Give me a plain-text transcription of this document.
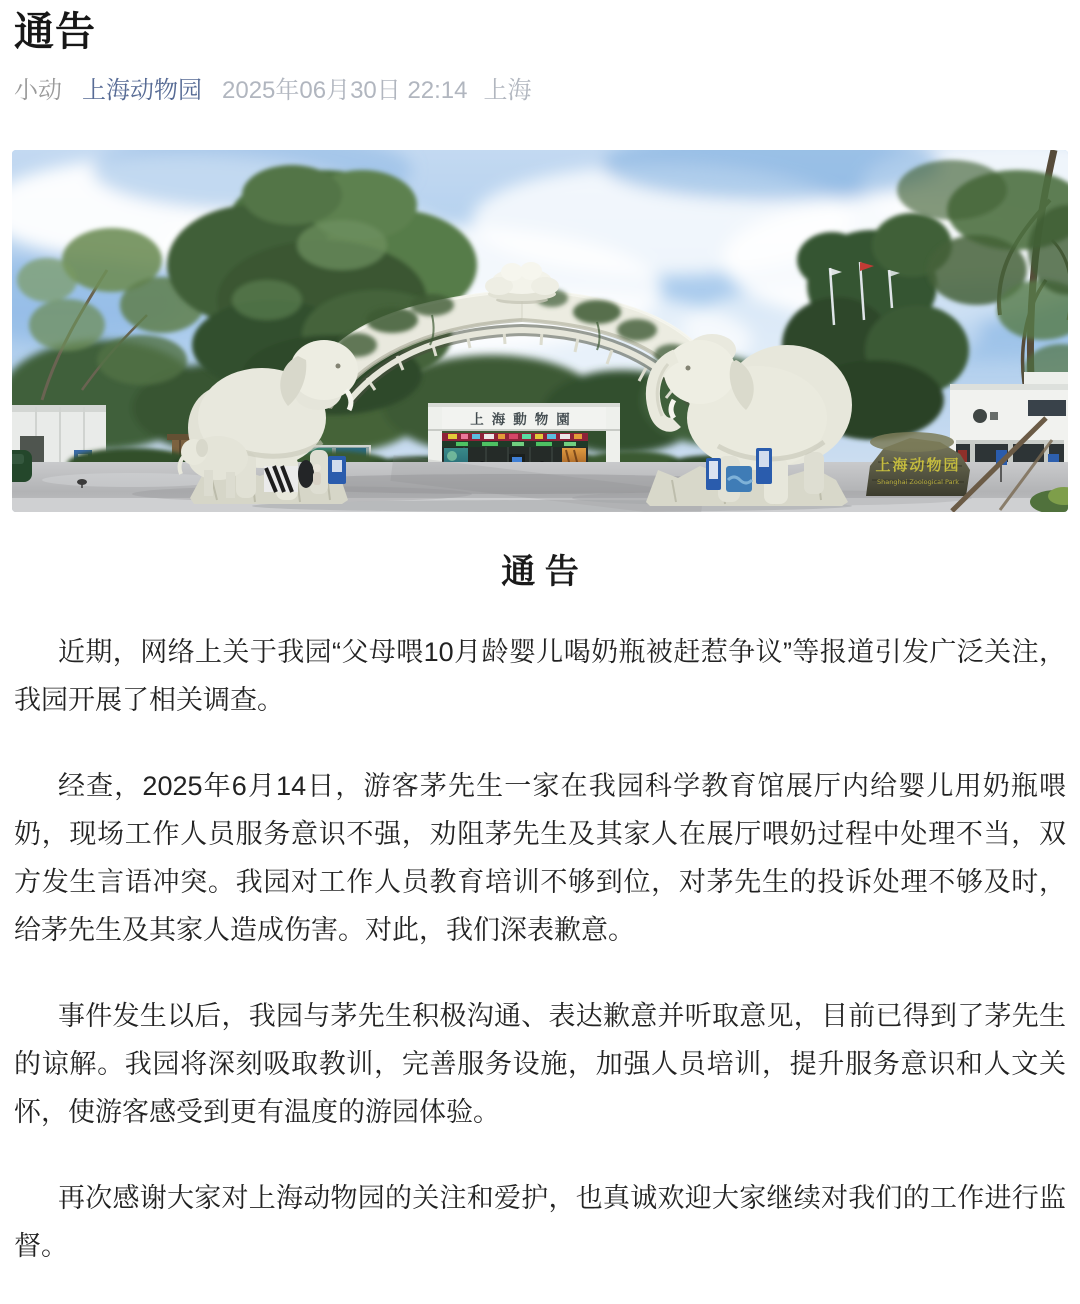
通告
小动 上海动物园 2025年06月30日 22:14 上海
上海動物園
上海动物园
Shanghai Zoological Park
通 告

近期，网络上关于我园“父母喂10月龄婴儿喝奶瓶被赶惹争议”等报道引发广泛关注，我园开展了相关调查。

经查，2025年6月14日，游客茅先生一家在我园科学教育馆展厅内给婴儿用奶瓶喂奶，现场工作人员服务意识不强，劝阻茅先生及其家人在展厅喂奶过程中处理不当，双方发生言语冲突。我园对工作人员教育培训不够到位，对茅先生的投诉处理不够及时，给茅先生及其家人造成伤害。对此，我们深表歉意。

事件发生以后，我园与茅先生积极沟通、表达歉意并听取意见，目前已得到了茅先生的谅解。我园将深刻吸取教训，完善服务设施，加强人员培训，提升服务意识和人文关怀，使游客感受到更有温度的游园体验。

再次感谢大家对上海动物园的关注和爱护，也真诚欢迎大家继续对我们的工作进行监督。
